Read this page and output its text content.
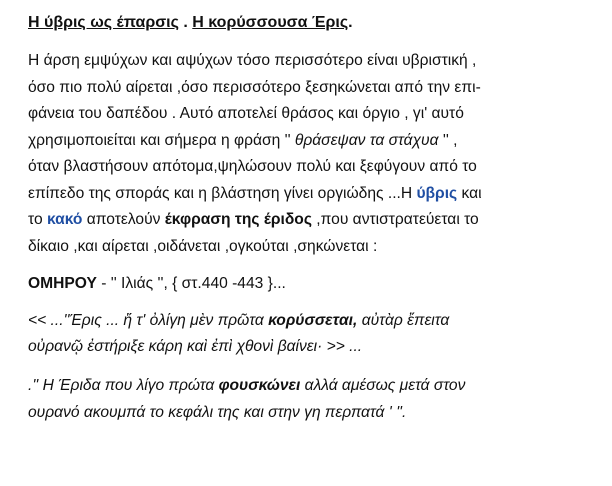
Η ύβρις ως έπαρσις . Η κορύσσουσα Έρις.

Η άρση εμψύχων και αψύχων τόσο περισσότερο είναι υβριστική ,

όσο πιο πολύ αίρεται ,όσο περισσότερο ξεσηκώνεται από την επι-

φάνεια του δαπέδου . Αυτό αποτελεί θράσος και όργιο , γι' αυτό

χρησιμοποιείται και σήμερα η φράση '' θράσεψαν τα στάχυα '' ,

όταν βλαστήσουν απότομα,ψηλώσουν πολύ και ξεφύγουν από το

επίπεδο της σποράς και η βλάστηση γίνει οργιώδης ...Η ύβρις και

το κακό αποτελούν έκφραση της έριδος ,που αντιστρατεύεται το

δίκαιο ,και αίρεται ,οιδάνεται ,ογκούται ,σηκώνεται :

ΟΜΗΡΟΥ - '' Ιλιάς '', { στ.440 -443 }...

<< ...''Έρις ... ἥ τ' ὀλίγη μὲν πρῶτα κορύσσεται, αὐτὰρ ἔπειτα

οὐρανῷ ἐστήριξε κάρη καὶ ἐπὶ χθονὶ βαίνει· >> ...

.'' Η Έριδα που λίγο πρώτα φουσκώνει αλλά αμέσως μετά στον

ουρανό ακουμπά το κεφάλι της και στην γη περπατά ' ''.
